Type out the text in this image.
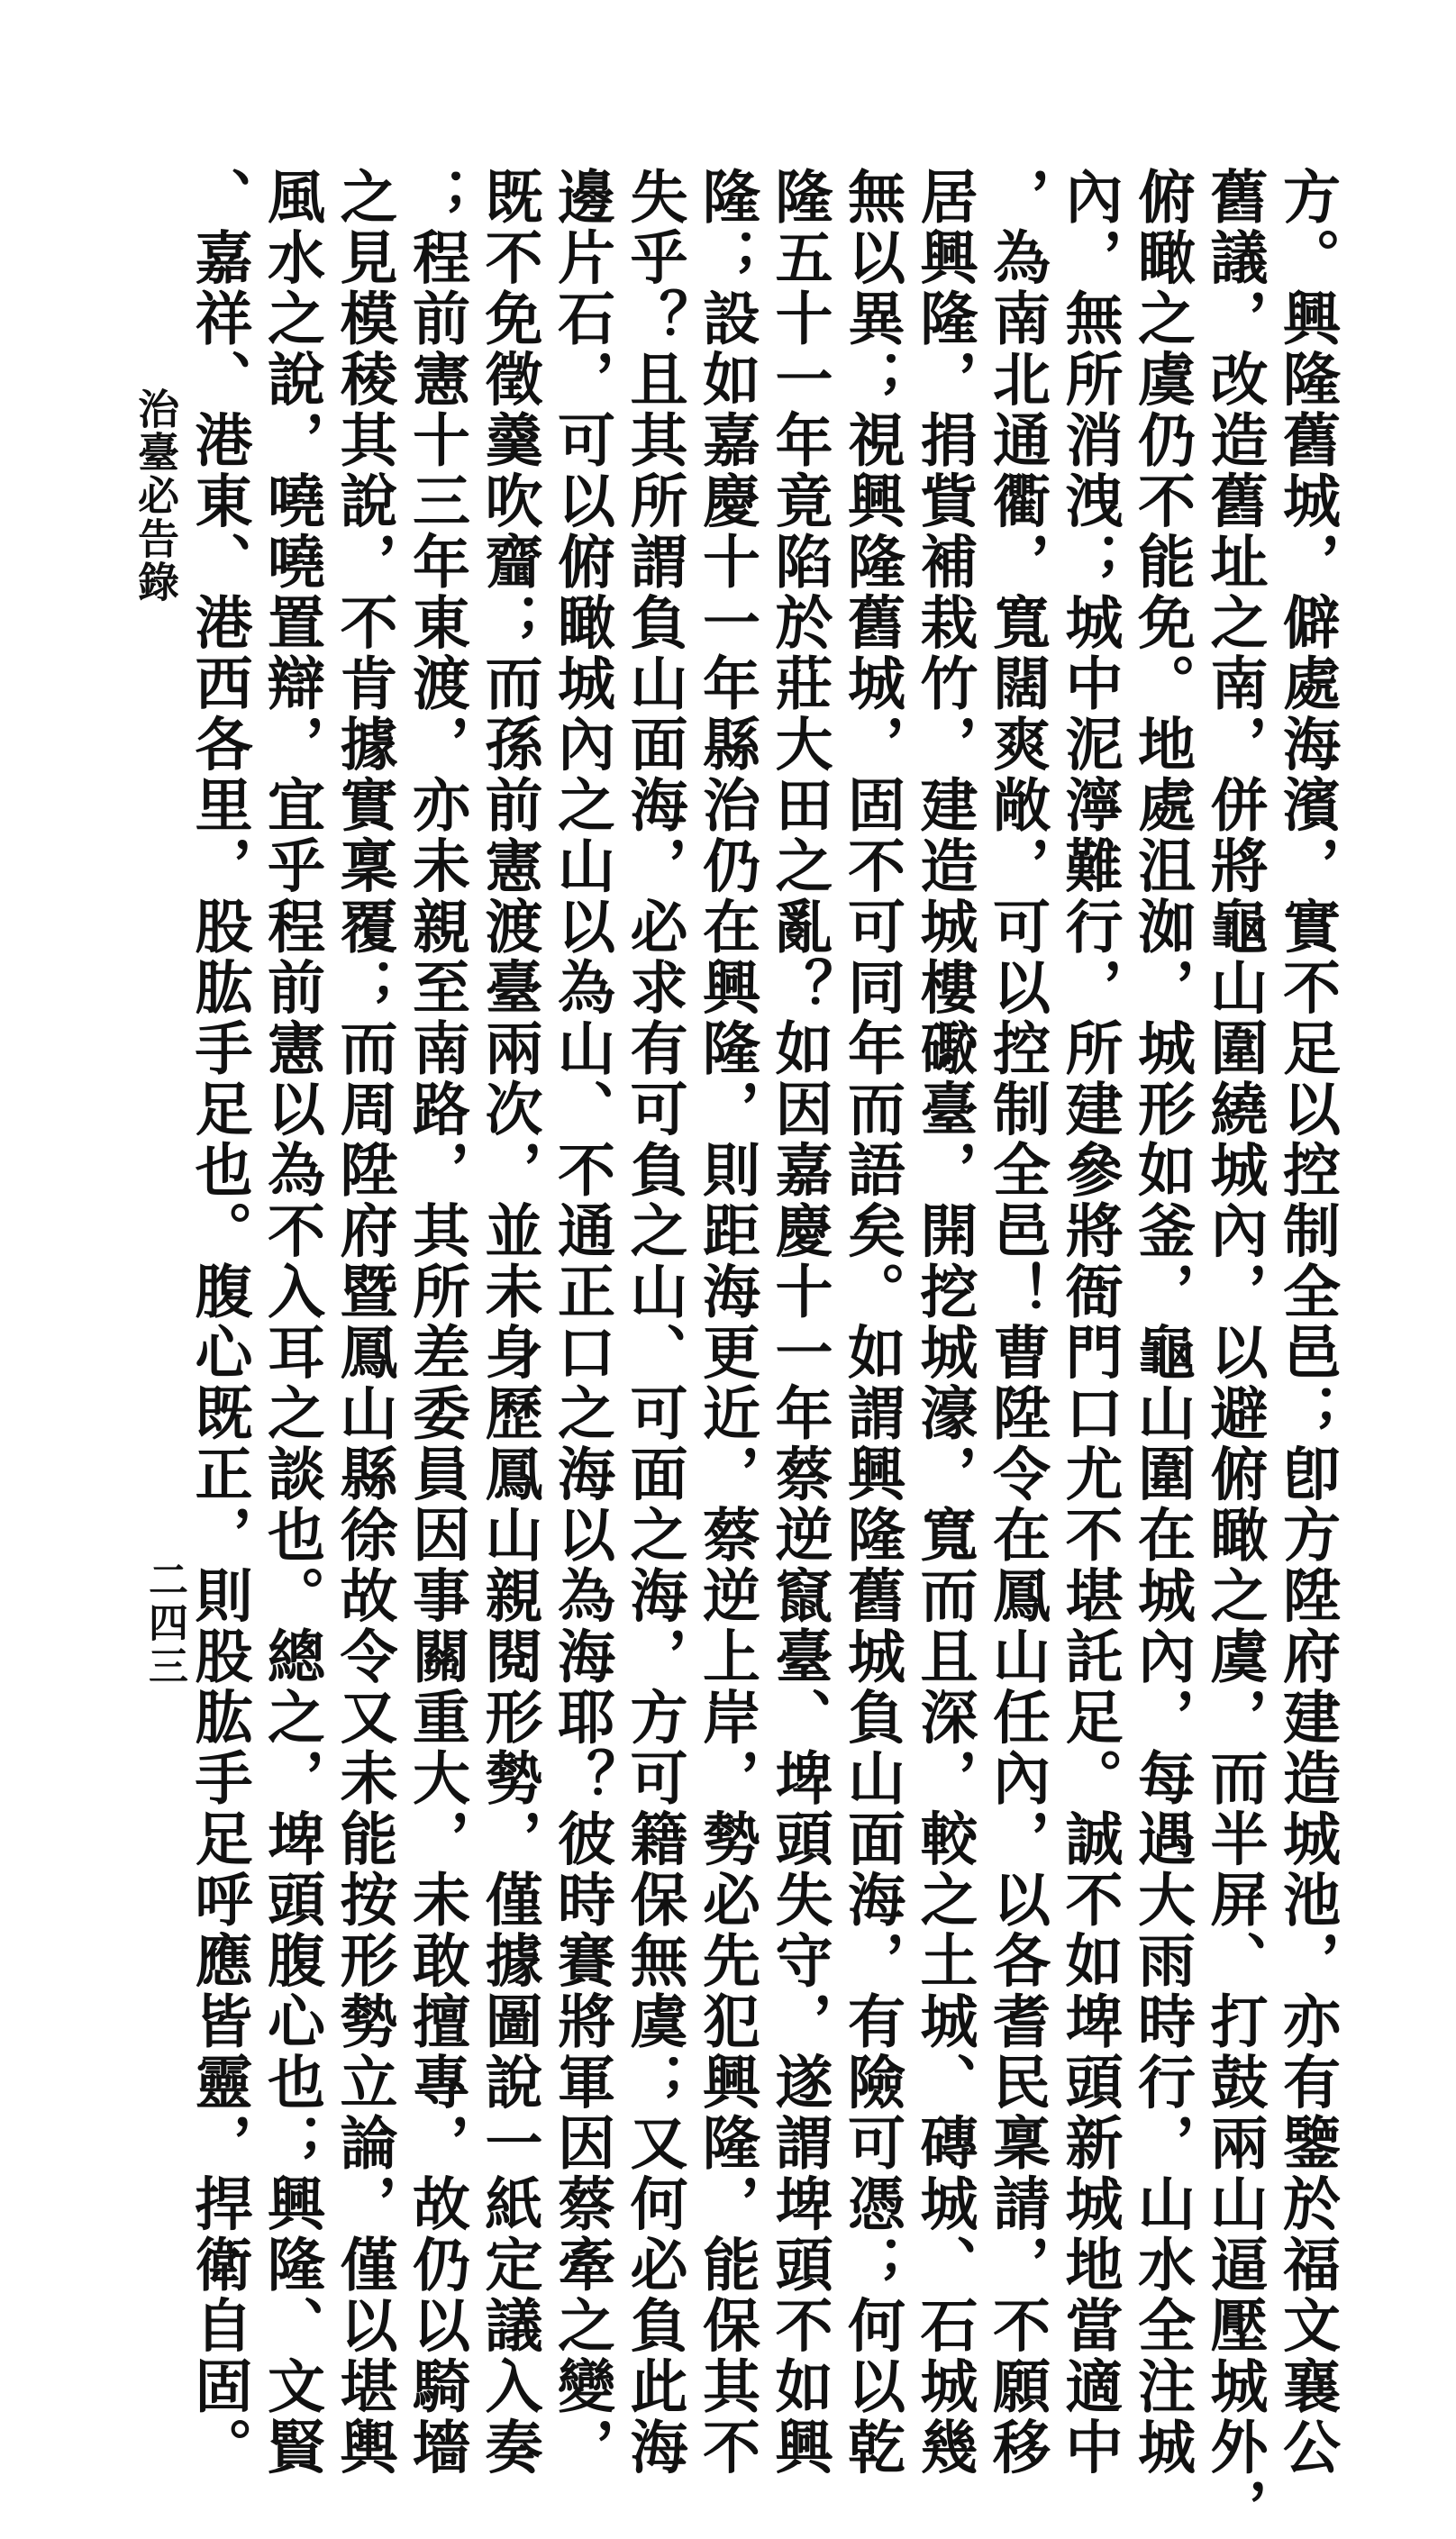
方。興隆舊城，僻處海濱，實不足以控制全邑；卽方陞府建造城池，亦有鑒於福文襄公
舊議，改造舊址之南，併將龜山圍繞城內，以避俯瞰之虞，而半屏、打鼓兩山逼壓城外，
俯瞰之虞仍不能免。地處沮洳，城形如釜，龜山圍在城內，每遇大雨時行，山水全注城
內，無所消洩；城中泥濘難行，所建參將衙門口尤不堪託足。誠不如埤頭新城地當適中
，為南北通衢，寬闊爽敞，可以控制全邑！曹陞令在鳳山任內，以各耆民稟請，不願移
居興隆，捐貲補栽竹，建造城樓礮臺，開挖城濠，寬而且深，較之土城、磚城、石城幾
無以異；視興隆舊城，固不可同年而語矣。如謂興隆舊城負山面海，有險可憑；何以乾
隆五十一年竟陷於莊大田之亂？如因嘉慶十一年蔡逆竄臺、埤頭失守，遂謂埤頭不如興
隆；設如嘉慶十一年縣治仍在興隆，則距海更近，蔡逆上岸，勢必先犯興隆，能保其不
失乎？且其所謂負山面海，必求有可負之山、可面之海，方可籍保無虞；又何必負此海
邊片石，可以俯瞰城內之山以為山、不通正口之海以為海耶？彼時賽將軍因蔡牽之變，
既不免徵羹吹齏；而孫前憲渡臺兩次，並未身歷鳳山親閱形勢，僅據圖說一紙定議入奏
；程前憲十三年東渡，亦未親至南路，其所差委員因事關重大，未敢擅專，故仍以騎墻
之見模稜其說，不肯據實稟覆；而周陞府暨鳳山縣徐故令又未能按形勢立論，僅以堪輿
風水之說，嘵嘵置辯，宜乎程前憲以為不入耳之談也。總之，埤頭腹心也；興隆、文賢
、嘉祥、港東、港西各里，股肱手足也。腹心既正，則股肱手足呼應皆靈，捍衛自固。
治臺必告錄
二四三
